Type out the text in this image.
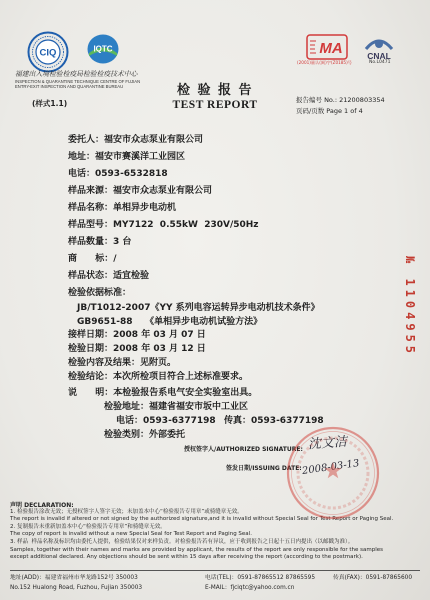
CIQ	IQTC	MA
(2001)量认(闽)字(Z0185)号
CNAL
No.L0471
福建出入境检验检疫局检验检疫技术中心
INSPECTION & QUARANTINE TECHNIQUE CENTRE OF FUJIAN
ENTRY-EXIT INSPECTION AND QUARANTINE BUREAU
(样式1.1)
检 验 报 告
TEST REPORT	报告编号 No.: 21200803354
页码/页数 Page 1 of 4
委托人：福安市众志泵业有限公司
地址：福安市赛溪洋工业园区
电话：0593-6532818
样品来源：福安市众志泵业有限公司
样品名称：单相异步电动机
样品型号：MY7122  0.55kW  230V/50Hz
样品数量：3 台
商  标：/
样品状态：适宜检验
检验依据标准：
JB/T1012-2007《YY 系列电容运转异步电动机技术条件》
GB9651-88    《单相异步电动机试验方法》
接样日期：2008 年 03 月 07 日
检验日期：2008 年 03 月 12 日
检验内容及结果：见附页。
检验结论：本次所检项目符合上述标准要求。
说  明：本检验报告系电气安全实验室出具。
检验地址：福建省福安市坂中工业区
电话：0593-6377198 传真：0593-6377198
检验类别：外部委托
№ 1104955
授权签字人/AUTHORIZED SIGNATURE: 沈文洁
签发日期/ISSUING DATE: 2008-03-13
声明 DECLARATION:
1. 检验报告涂改无效；无授权签字人签字无效；未加盖本中心“检验报告专用章”或骑缝章无效。
The report is invalid if altered or not signed by the authorized signature,and it is invalid without Special Seal for Test Report or Paging Seal.
2. 复制报告未重新加盖本中心“检验报告专用章”和骑缝章无效。
The copy of report is invalid without a new Special Seal for Test Report and Paging Seal.
3. 样品  样品名称及标识均由委托人提供，检验结果仅对来样负责。对检验报告若有异议，应于收到报告之日起十五日内提出（以邮戳为准）。
Samples, together with their names and marks are provided by applicant, the results of the report are only responsible for the samples
except additional declared. Any objections should be sent within 15 days after receiving the report (according to the postmark).
地址(ADD)：福建省福州市华龙路152号 350003	电话(TEL)：0591-87865512 87865595	传真(FAX)：0591-87865600
No.152 Hualong Road, Fuzhou, Fujian 350003	E-MAIL：fjciqtc@yahoo.com.cn
